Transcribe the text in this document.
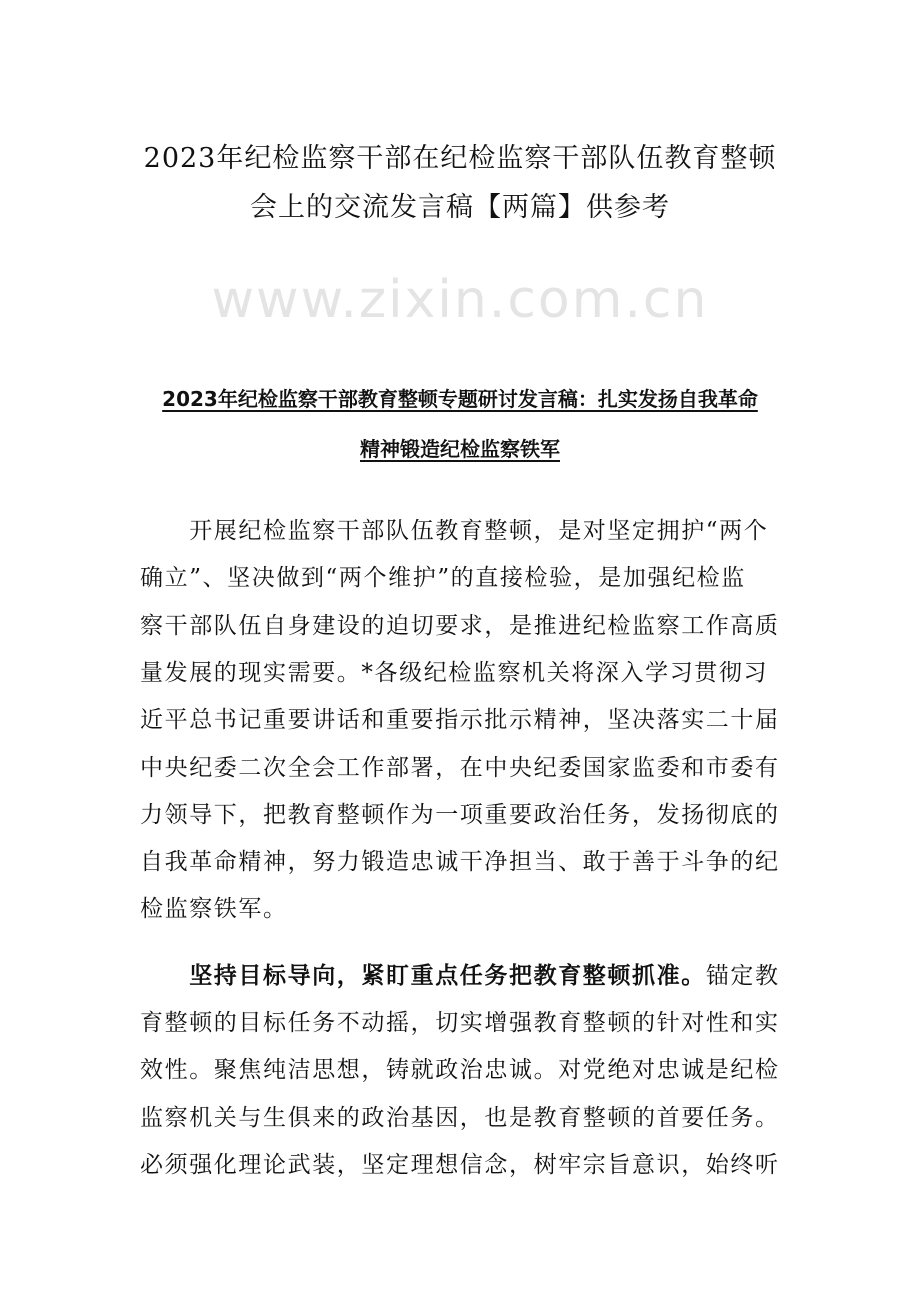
www.zixin.com.cn
2023年纪检监察干部在纪检监察干部队伍教育整顿
会上的交流发言稿【两篇】供参考
2023年纪检监察干部教育整顿专题研讨发言稿：扎实发扬自我革命
精神锻造纪检监察铁军
　　开展纪检监察干部队伍教育整顿，是对坚定拥护“两个
确立”、坚决做到“两个维护”的直接检验，是加强纪检监
察干部队伍自身建设的迫切要求，是推进纪检监察工作高质
量发展的现实需要。*各级纪检监察机关将深入学习贯彻习
近平总书记重要讲话和重要指示批示精神，坚决落实二十届
中央纪委二次全会工作部署，在中央纪委国家监委和市委有
力领导下，把教育整顿作为一项重要政治任务，发扬彻底的
自我革命精神，努力锻造忠诚干净担当、敢于善于斗争的纪
检监察铁军。
　　坚持目标导向，紧盯重点任务把教育整顿抓准。锚定教
育整顿的目标任务不动摇，切实增强教育整顿的针对性和实
效性。聚焦纯洁思想，铸就政治忠诚。对党绝对忠诚是纪检
监察机关与生俱来的政治基因，也是教育整顿的首要任务。
必须强化理论武装，坚定理想信念，树牢宗旨意识，始终听
